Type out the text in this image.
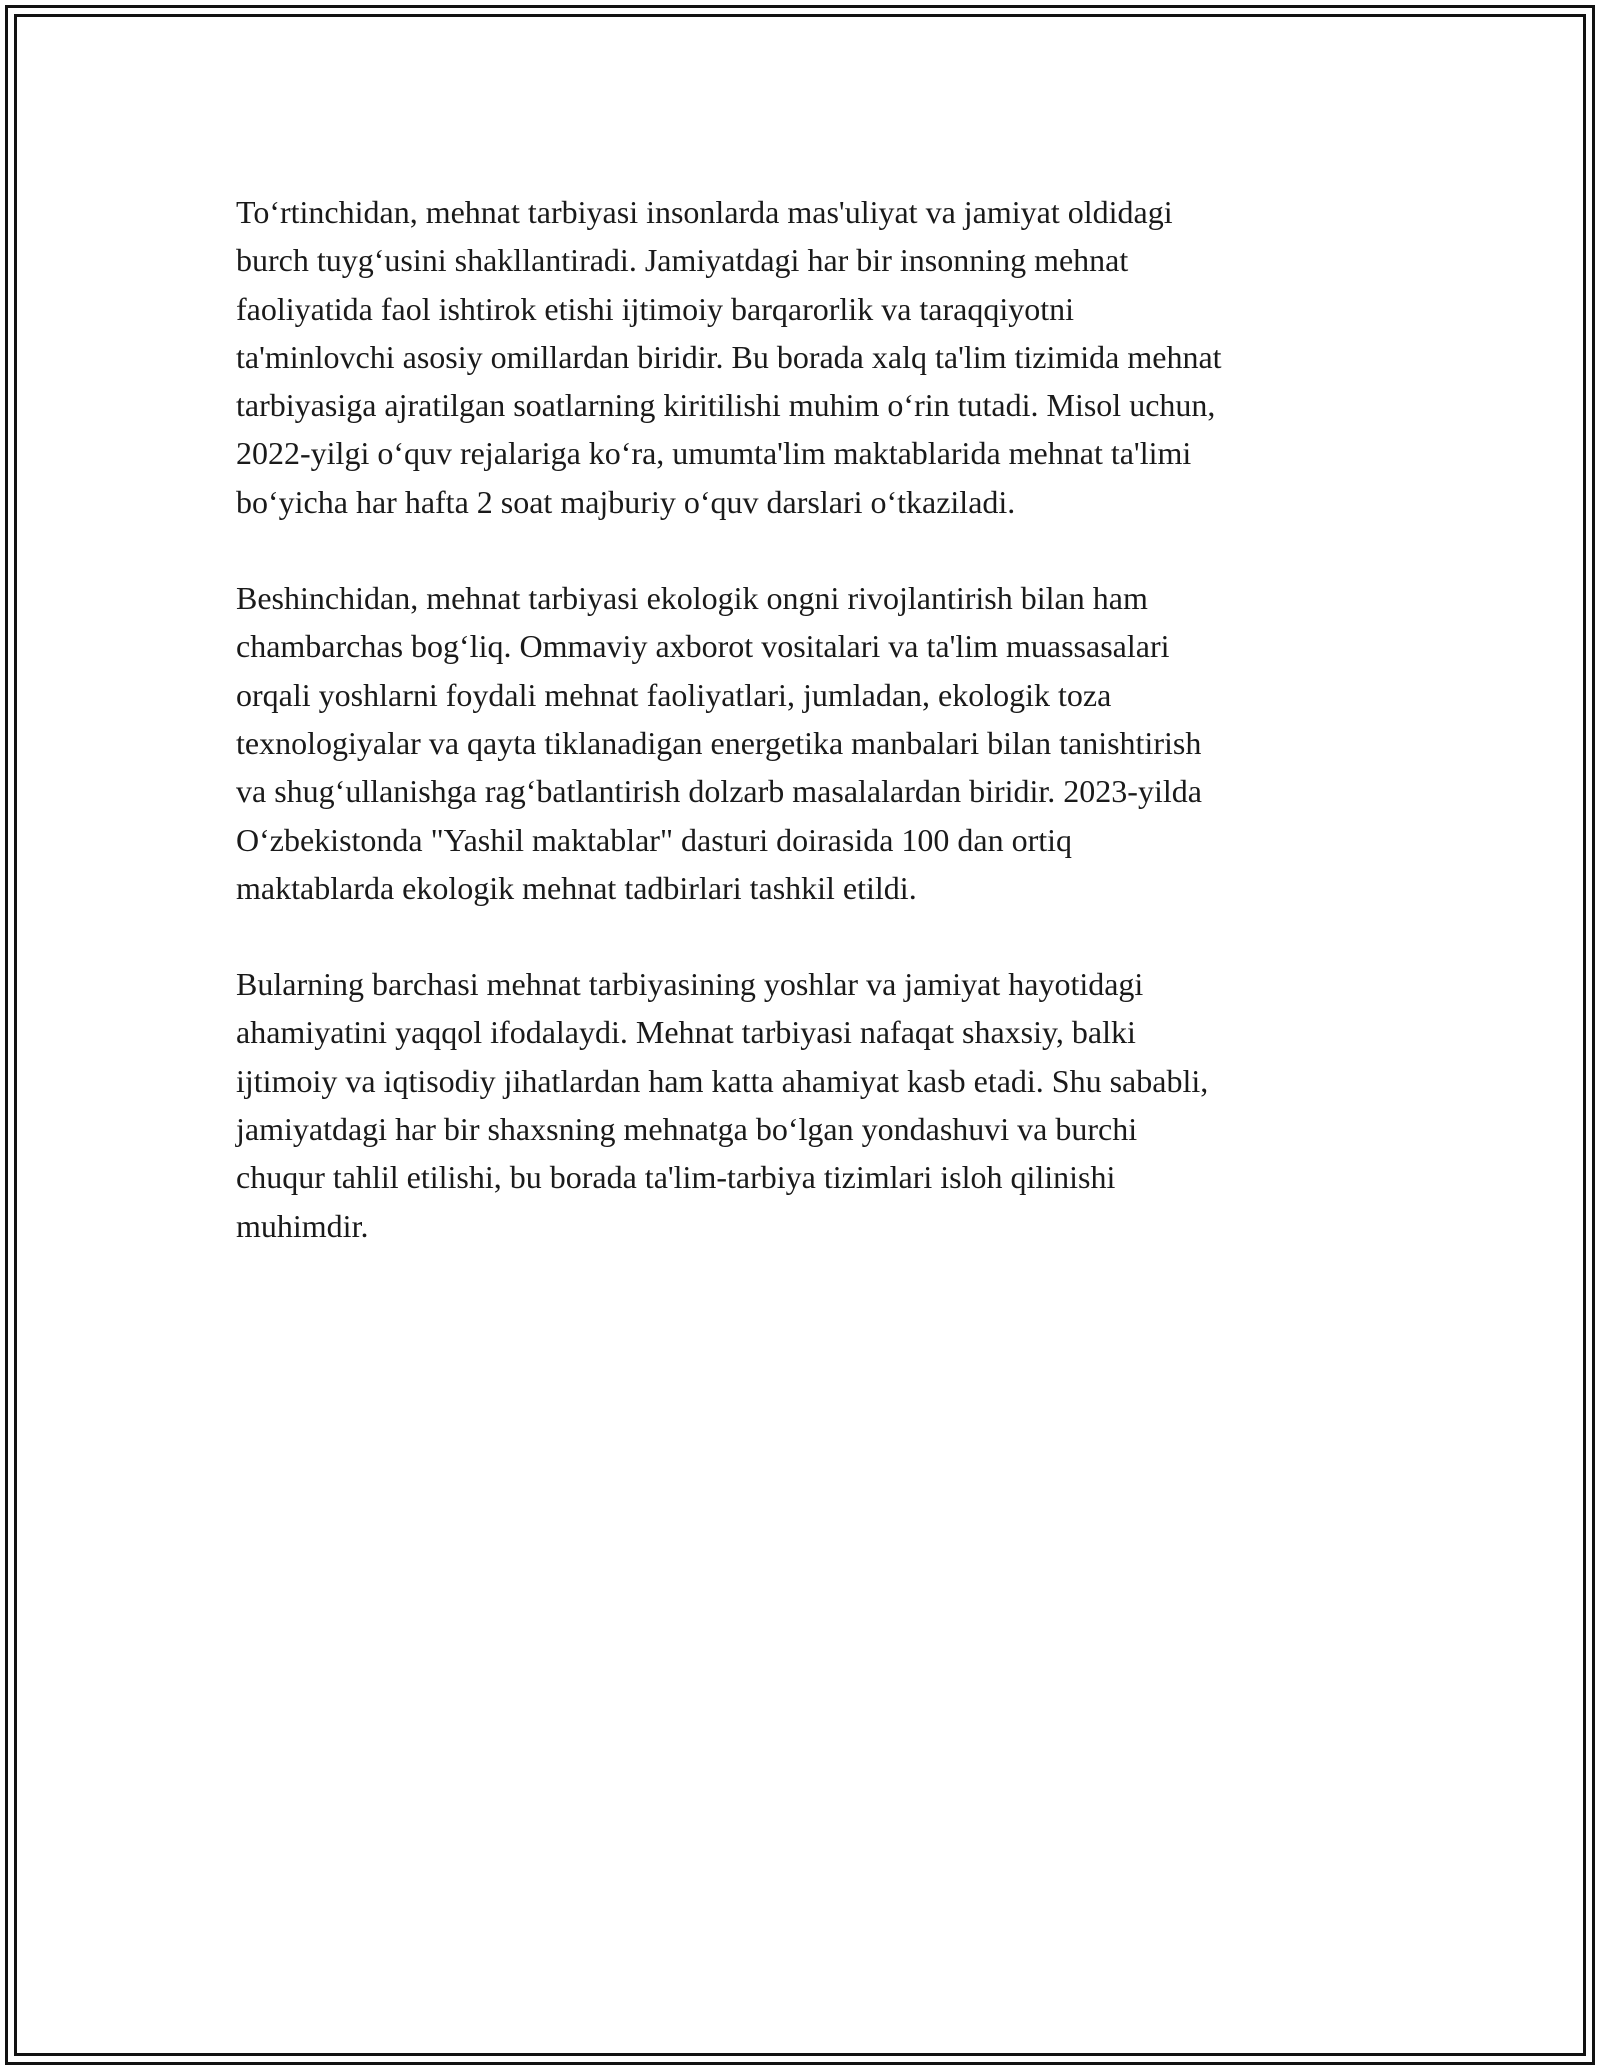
To‘rtinchidan, mehnat tarbiyasi insonlarda mas'uliyat va jamiyat oldidagi
burch tuyg‘usini shakllantiradi. Jamiyatdagi har bir insonning mehnat
faoliyatida faol ishtirok etishi ijtimoiy barqarorlik va taraqqiyotni
ta'minlovchi asosiy omillardan biridir. Bu borada xalq ta'lim tizimida mehnat
tarbiyasiga ajratilgan soatlarning kiritilishi muhim o‘rin tutadi. Misol uchun,
2022-yilgi o‘quv rejalariga ko‘ra, umumta'lim maktablarida mehnat ta'limi
bo‘yicha har hafta 2 soat majburiy o‘quv darslari o‘tkaziladi.

Beshinchidan, mehnat tarbiyasi ekologik ongni rivojlantirish bilan ham
chambarchas bog‘liq. Ommaviy axborot vositalari va ta'lim muassasalari
orqali yoshlarni foydali mehnat faoliyatlari, jumladan, ekologik toza
texnologiyalar va qayta tiklanadigan energetika manbalari bilan tanishtirish
va shug‘ullanishga rag‘batlantirish dolzarb masalalardan biridir. 2023-yilda
O‘zbekistonda "Yashil maktablar" dasturi doirasida 100 dan ortiq
maktablarda ekologik mehnat tadbirlari tashkil etildi.

Bularning barchasi mehnat tarbiyasining yoshlar va jamiyat hayotidagi
ahamiyatini yaqqol ifodalaydi. Mehnat tarbiyasi nafaqat shaxsiy, balki
ijtimoiy va iqtisodiy jihatlardan ham katta ahamiyat kasb etadi. Shu sababli,
jamiyatdagi har bir shaxsning mehnatga bo‘lgan yondashuvi va burchi
chuqur tahlil etilishi, bu borada ta'lim-tarbiya tizimlari isloh qilinishi
muhimdir.
